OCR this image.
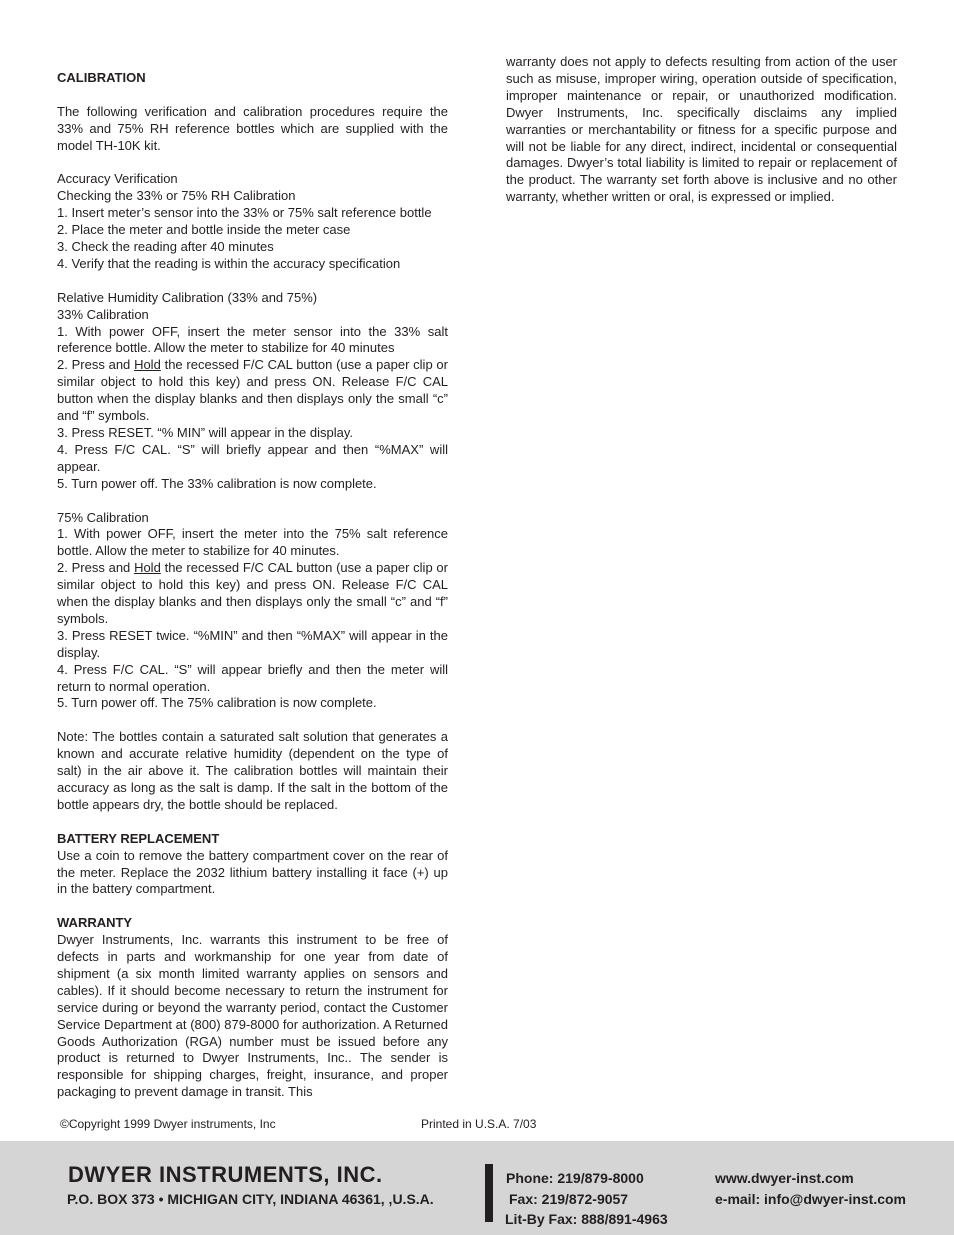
CALIBRATION
The following verification and calibration procedures require the 33% and 75% RH reference bottles which are supplied with the model TH-10K kit.
Accuracy Verification
Checking the 33% or 75% RH Calibration
1. Insert meter’s sensor into the 33% or 75% salt reference bottle
2. Place the meter and bottle inside the meter case
3. Check the reading after 40 minutes
4. Verify that the reading is within the accuracy specification
Relative Humidity Calibration (33% and 75%)
33% Calibration
1. With power OFF, insert the meter sensor into the 33% salt reference bottle. Allow the meter to stabilize for 40 minutes
2. Press and Hold the recessed F/C CAL button (use a paper clip or similar object to hold this key) and press ON. Release F/C CAL button when the display blanks and then displays only the small “c” and “f” symbols.
3. Press RESET. “% MIN” will appear in the display.
4. Press F/C CAL. “S” will briefly appear and then “%MAX” will appear.
5. Turn power off. The 33% calibration is now complete.
75% Calibration
1. With power OFF, insert the meter into the 75% salt reference bottle. Allow the meter to stabilize for 40 minutes.
2. Press and Hold the recessed F/C CAL button (use a paper clip or similar object to hold this key) and press ON. Release F/C CAL when the display blanks and then displays only the small “c” and “f” symbols.
3. Press RESET twice. “%MIN” and then “%MAX” will appear in the display.
4. Press F/C CAL. “S” will appear briefly and then the meter will return to normal operation.
5. Turn power off. The 75% calibration is now complete.
Note: The bottles contain a saturated salt solution that generates a known and accurate relative humidity (dependent on the type of salt) in the air above it. The calibration bottles will maintain their accuracy as long as the salt is damp. If the salt in the bottom of the bottle appears dry, the bottle should be replaced.
BATTERY REPLACEMENT
Use a coin to remove the battery compartment cover on the rear of the meter. Replace the 2032 lithium battery installing it face (+) up in the battery compartment.
WARRANTY
Dwyer Instruments, Inc. warrants this instrument to be free of defects in parts and workmanship for one year from date of shipment (a six month limited warranty applies on sensors and cables). If it should become necessary to return the instrument for service during or beyond the warranty period, contact the Customer Service Department at (800) 879-8000 for authorization. A Returned Goods Authorization (RGA) number must be issued before any product is returned to Dwyer Instruments, Inc.. The sender is responsible for shipping charges, freight, insurance, and proper packaging to prevent damage in transit. This
warranty does not apply to defects resulting from action of the user such as misuse, improper wiring, operation outside of specification, improper maintenance or repair, or unauthorized modification. Dwyer Instruments, Inc. specifically disclaims any implied warranties or merchantability or fitness for a specific purpose and will not be liable for any direct, indirect, incidental or consequential damages. Dwyer’s total liability is limited to repair or replacement of the product. The warranty set forth above is inclusive and no other warranty, whether written or oral, is expressed or implied.
©Copyright 1999 Dwyer instruments, Inc	Printed in U.S.A. 7/03
DWYER INSTRUMENTS, INC.
P.O. BOX 373 • MICHIGAN CITY, INDIANA 46361, ,U.S.A.
Phone: 219/879-8000
Fax: 219/872-9057
Lit-By Fax: 888/891-4963
www.dwyer-inst.com
e-mail: info@dwyer-inst.com
